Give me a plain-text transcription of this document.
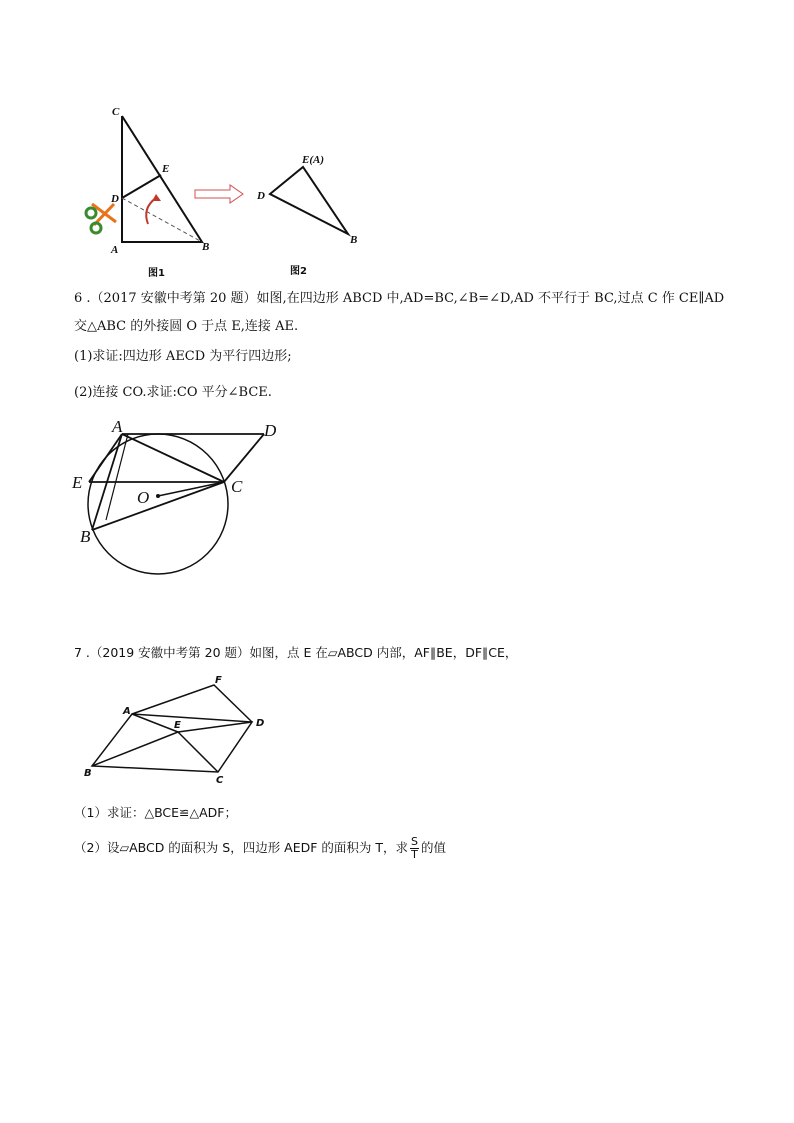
C
E
D
A	B
图1
E(A)
D
B
图2
6 .（2017 安徽中考第 20 题）如图,在四边形 ABCD 中,AD=BC,∠B=∠D,AD 不平行于 BC,过点 C 作 CE∥AD
交△ABC 的外接圆 O 于点 E,连接 AE.
(1)求证:四边形 AECD 为平行四边形;
(2)连接 CO.求证:CO 平分∠BCE.
A	D
E
O
C
B
7 .（2019 安徽中考第 20 题）如图，点 E 在▱ABCD 内部，AF∥BE，DF∥CE，
F
A
E	D
B
C
（1）求证：△BCE≌△ADF；
（2）设▱ABCD 的面积为 S，四边形 AEDF 的面积为 T，求 $\frac{S}{T}$ 的值
